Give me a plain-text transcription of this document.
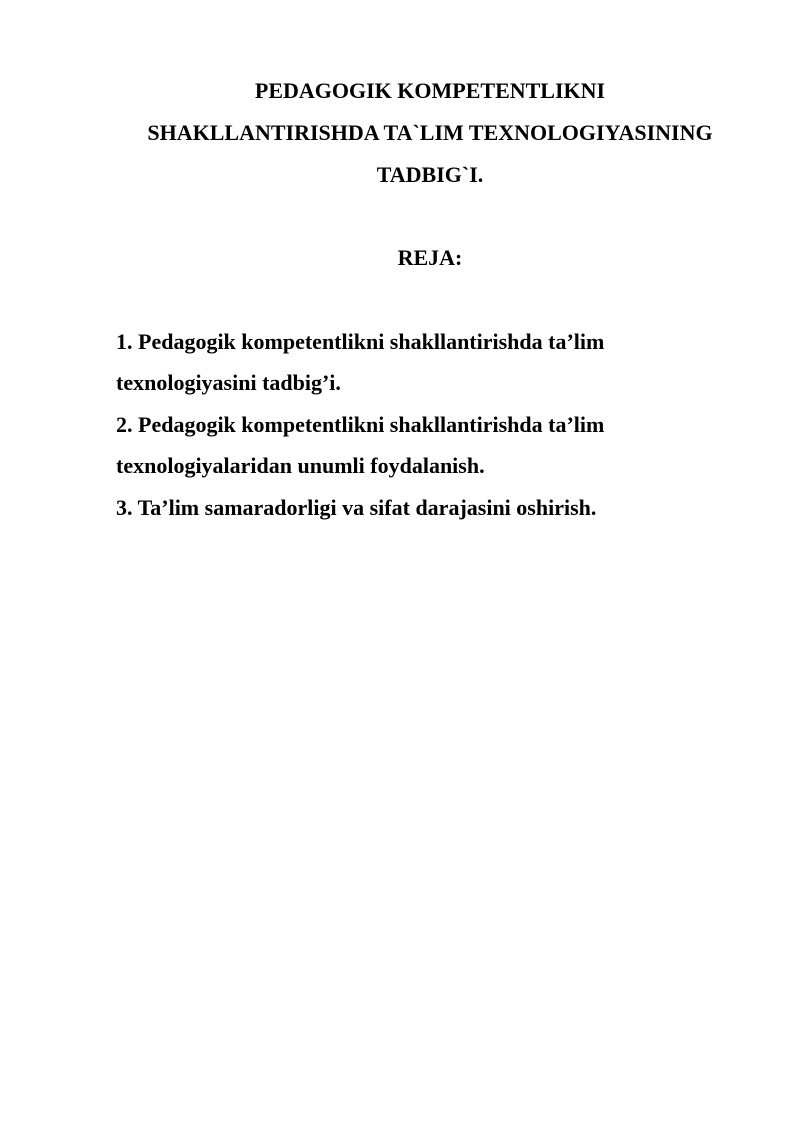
PEDAGOGIK KOMPETENTLIKNI
SHAKLLANTIRISHDA TA`LIM TEXNOLOGIYASINING
TADBIG`I.
REJA:
1. Pedagogik kompetentlikni shakllantirishda ta’lim
texnologiyasini tadbig’i.
2. Pedagogik kompetentlikni shakllantirishda ta’lim
texnologiyalaridan unumli foydalanish.
3. Ta’lim samaradorligi va sifat darajasini oshirish.
